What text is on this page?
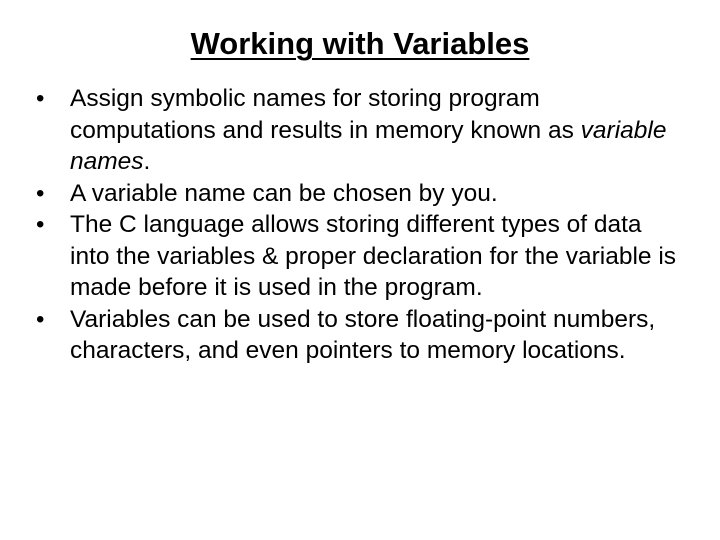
Working with Variables
•	Assign symbolic names for storing program computations and results in memory known as variable names.
•	A variable name can be chosen by you.
•	The C language allows storing different types of data into the variables & proper declaration for the variable is made before it is used in the program.
•	Variables can be used to store floating-point numbers, characters, and even pointers to memory locations.
